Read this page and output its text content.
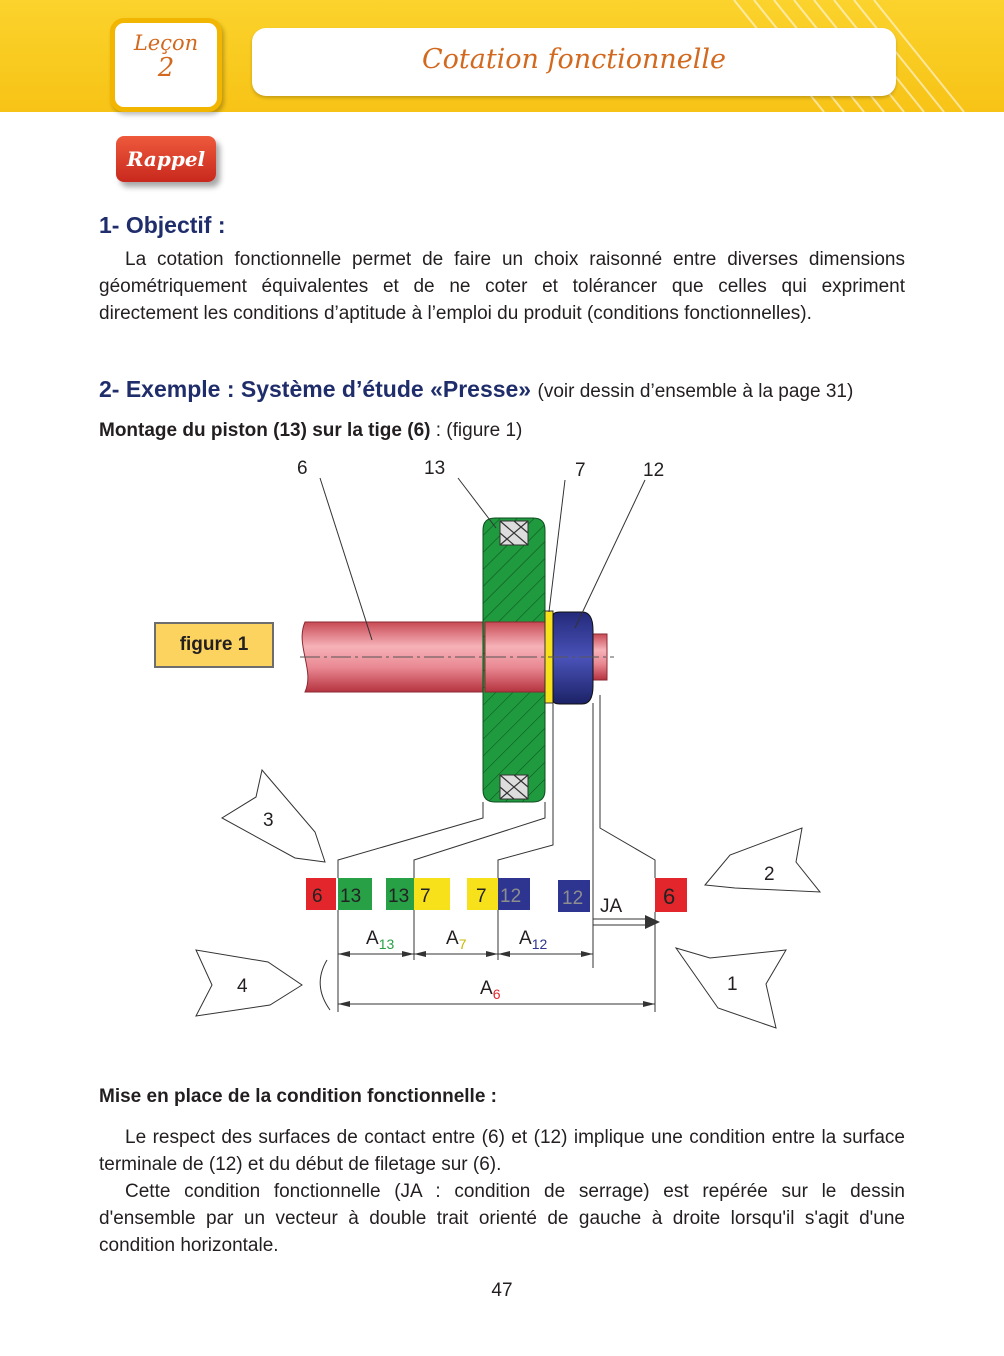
Leçon
2	Cotation fonctionnelle
Rappel
1- Objectif :
La cotation fonctionnelle permet de faire un choix raisonné entre diverses dimensions géométriquement équivalentes et de ne coter et tolérancer que celles qui expriment directement les conditions d’aptitude à l’emploi du produit (conditions fonctionnelles).
2- Exemple : Système d’étude «Presse» (voir dessin d’ensemble à la page 31)
Montage du piston (13) sur la tige (6) : (figure 1)
6	13	7	12
6 13 13 7 7 12 12 JA 6
$A_{13}$	$A_7$	$A_{12}$
$A_6$
3
2
4	1
figure 1
Mise en place de la condition fonctionnelle :
Le respect des surfaces de contact entre (6) et (12) implique une condition entre la surface terminale de (12) et du début de filetage sur (6).
Cette condition fonctionnelle (JA : condition de serrage) est repérée sur le dessin d'ensemble par un vecteur à double trait orienté de gauche à droite lorsqu'il s'agit d'une condition horizontale.
47
